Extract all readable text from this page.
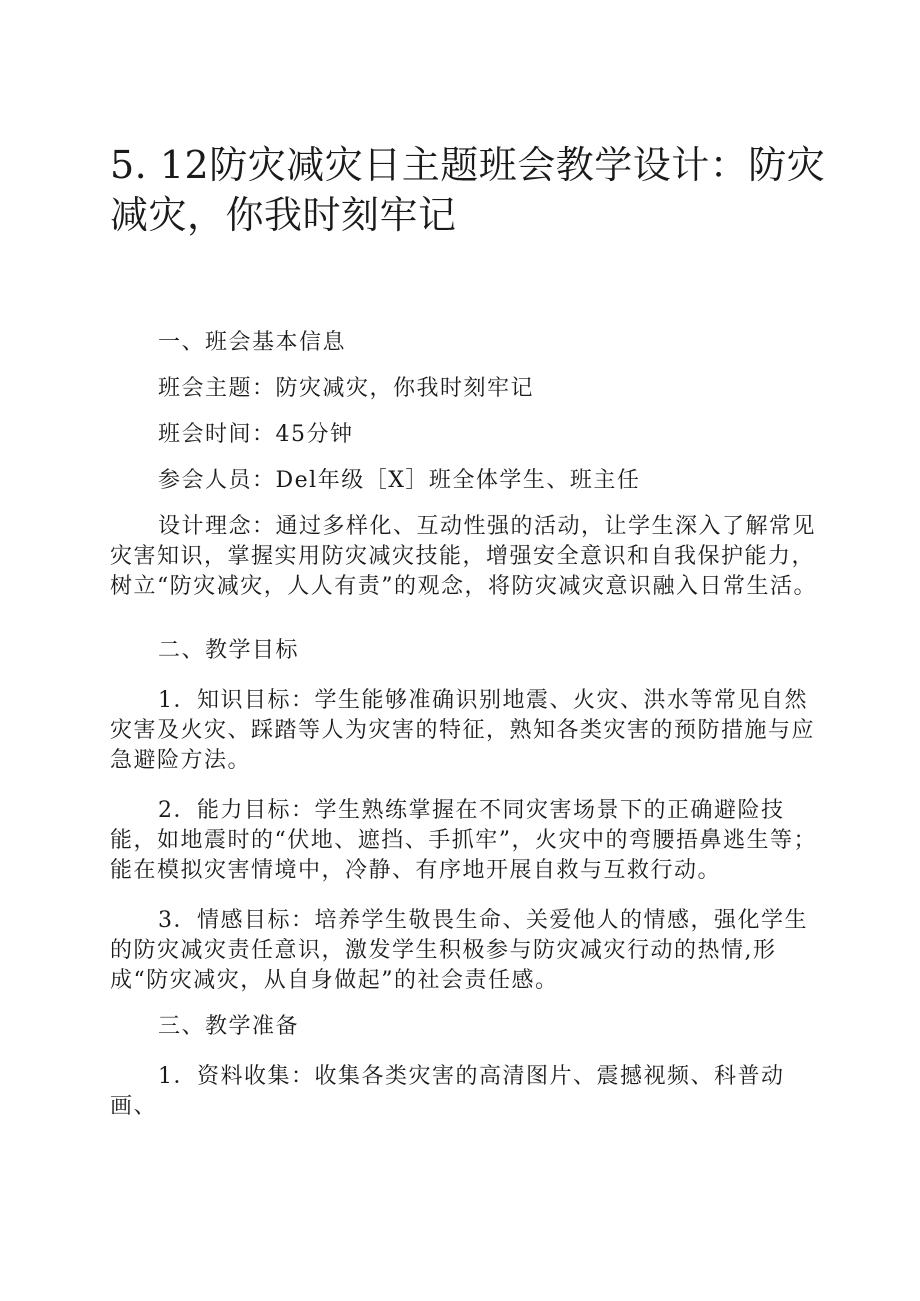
5. 12防灾减灾日主题班会教学设计：防灾减灾，你我时刻牢记

一、班会基本信息

班会主题：防灾减灾，你我时刻牢记

班会时间：45分钟

参会人员：Del年级［X］班全体学生、班主任

设计理念：通过多样化、互动性强的活动，让学生深入了解常见灾害知识，掌握实用防灾减灾技能，增强安全意识和自我保护能力，树立“防灾减灾，人人有责”的观念，将防灾减灾意识融入日常生活。

二、教学目标

1．知识目标：学生能够准确识别地震、火灾、洪水等常见自然灾害及火灾、踩踏等人为灾害的特征，熟知各类灾害的预防措施与应急避险方法。

2．能力目标：学生熟练掌握在不同灾害场景下的正确避险技能，如地震时的“伏地、遮挡、手抓牢”，火灾中的弯腰捂鼻逃生等；能在模拟灾害情境中，冷静、有序地开展自救与互救行动。

3．情感目标：培养学生敬畏生命、关爱他人的情感，强化学生的防灾减灾责任意识，激发学生积极参与防灾减灾行动的热情,形成“防灾减灾，从自身做起”的社会责任感。

三、教学准备

1．资料收集：收集各类灾害的高清图片、震撼视频、科普动画、
